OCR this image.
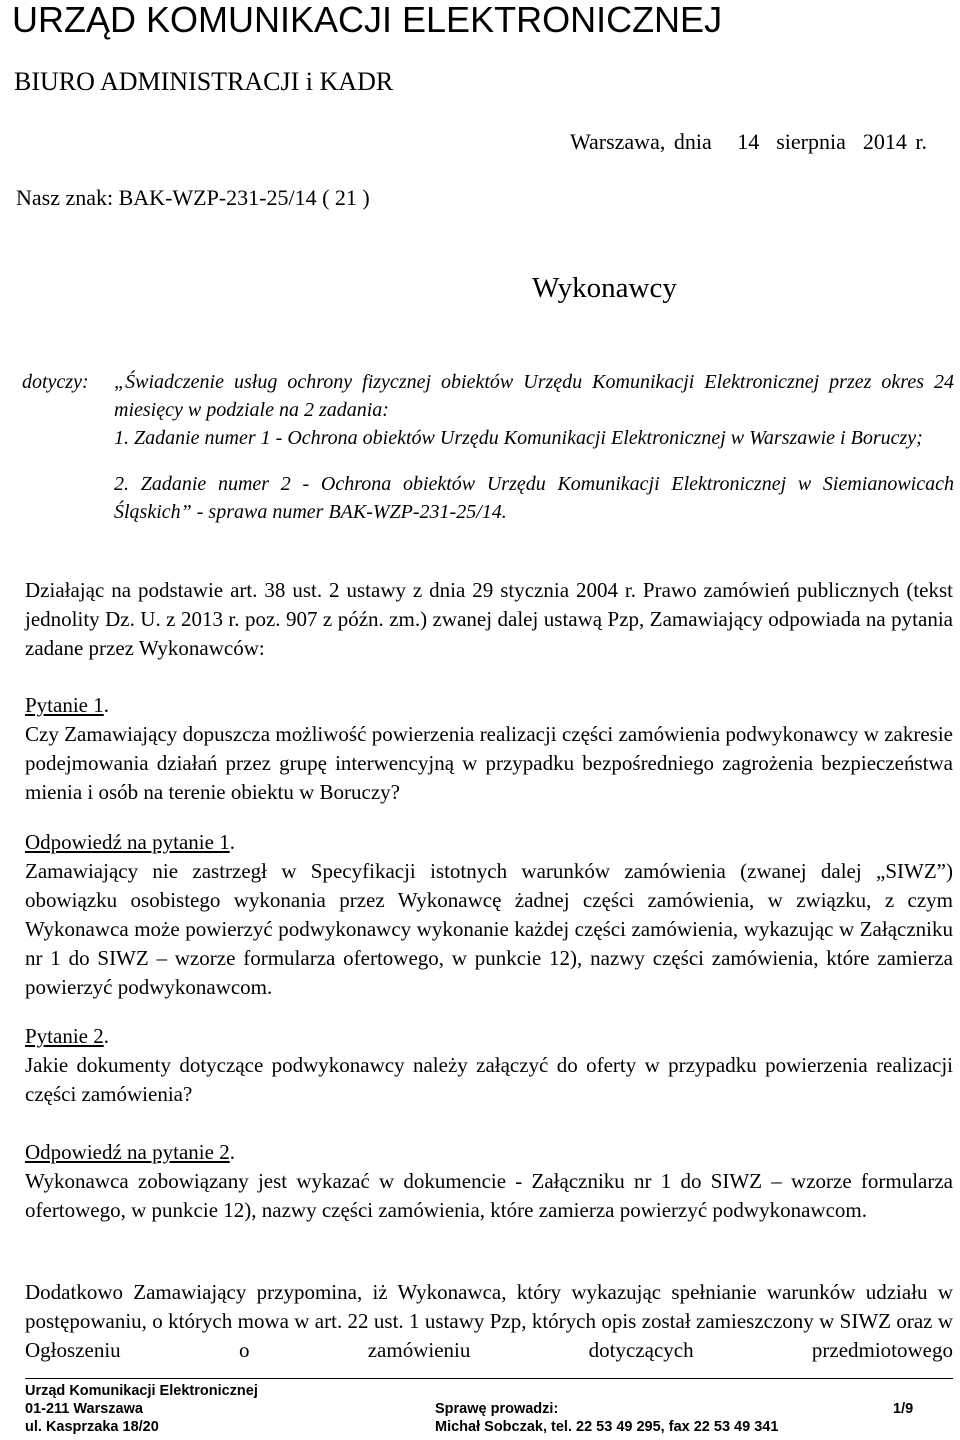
URZĄD KOMUNIKACJI ELEKTRONICZNEJ
BIURO ADMINISTRACJI i KADR
Warszawa, dnia   14  sierpnia  2014 r.
Nasz znak: BAK-WZP-231-25/14 ( 21 )
Wykonawcy
dotyczy: „Świadczenie usług ochrony fizycznej obiektów Urzędu Komunikacji Elektronicznej przez okres 24 miesięcy w podziale na 2 zadania:

1. Zadanie numer 1 - Ochrona obiektów Urzędu Komunikacji Elektronicznej w Warszawie i Boruczy;

2. Zadanie numer 2 - Ochrona obiektów Urzędu Komunikacji Elektronicznej w Siemianowicach Śląskich” - sprawa numer BAK-WZP-231-25/14.

Działając na podstawie art. 38 ust. 2 ustawy z dnia 29 stycznia 2004 r. Prawo zamówień publicznych (tekst jednolity Dz. U. z 2013 r. poz. 907 z późn. zm.) zwanej dalej ustawą Pzp, Zamawiający odpowiada na pytania zadane przez Wykonawców:

Pytanie 1.

Czy Zamawiający dopuszcza możliwość powierzenia realizacji części zamówienia podwykonawcy w zakresie podejmowania działań przez grupę interwencyjną w przypadku bezpośredniego zagrożenia bezpieczeństwa mienia i osób na terenie obiektu w Boruczy?

Odpowiedź na pytanie 1.

Zamawiający nie zastrzegł w Specyfikacji istotnych warunków zamówienia (zwanej dalej „SIWZ”) obowiązku osobistego wykonania przez Wykonawcę żadnej części zamówienia, w związku, z czym Wykonawca może powierzyć podwykonawcy wykonanie każdej części zamówienia, wykazując w Załączniku nr 1 do SIWZ – wzorze formularza ofertowego, w punkcie 12), nazwy części zamówienia, które zamierza powierzyć podwykonawcom.

Pytanie 2.

Jakie dokumenty dotyczące podwykonawcy należy załączyć do oferty w przypadku powierzenia realizacji części zamówienia?

Odpowiedź na pytanie 2.

Wykonawca zobowiązany jest wykazać w dokumencie - Załączniku nr 1 do SIWZ – wzorze formularza ofertowego, w punkcie 12), nazwy części zamówienia, które zamierza powierzyć podwykonawcom.

Dodatkowo Zamawiający przypomina, iż Wykonawca, który wykazując spełnianie warunków udziału w postępowaniu, o których mowa w art. 22 ust. 1 ustawy Pzp, których opis został zamieszczony w SIWZ oraz w Ogłoszeniu o zamówieniu dotyczących przedmiotowego

Urząd Komunikacji Elektronicznej
01-211 Warszawa
ul. Kasprzaka 18/20
Sprawę prowadzi:
Michał Sobczak, tel. 22 53 49 295, fax 22 53 49 341
1/9
